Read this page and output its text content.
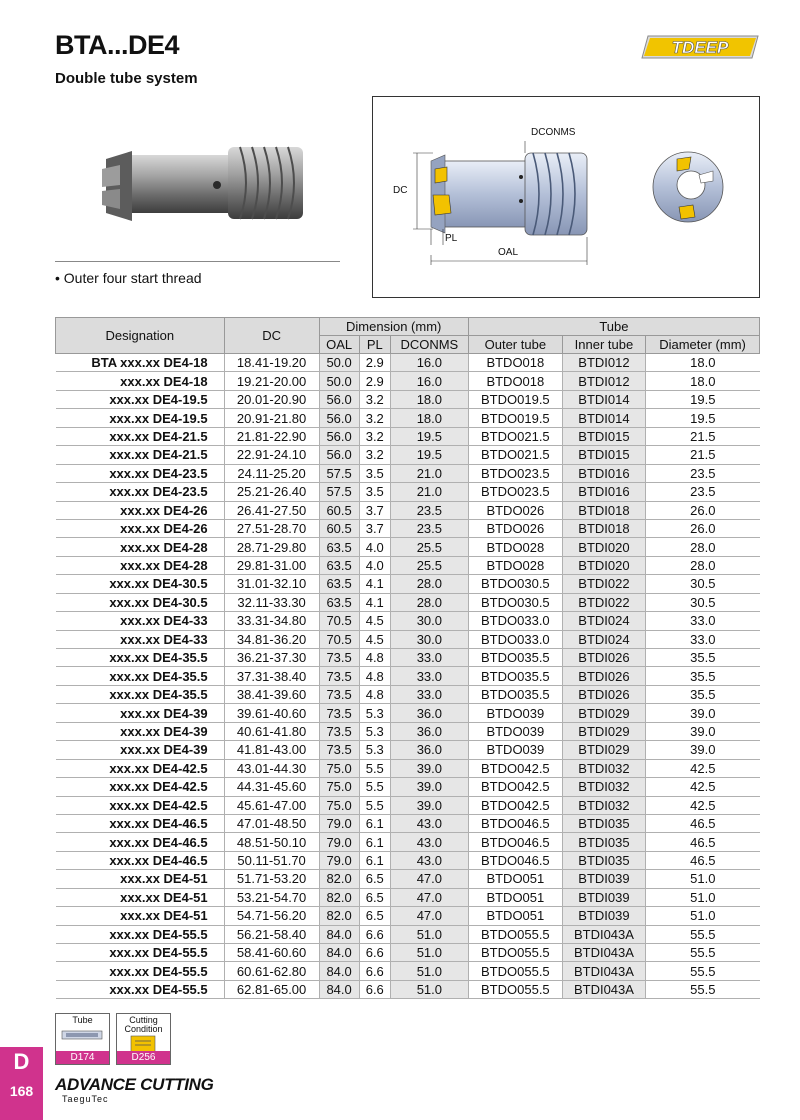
BTA...DE4
Double tube system
TDEEP
• Outer four start thread
DC
DCONMS
PL
OAL
Designation	DC	Dimension (mm)			Tube		
		OAL	PL	DCONMS	Outer tube	Inner tube	Diameter (mm)
BTA xxx.xx DE4-18	18.41-19.20	50.0	2.9	16.0	BTDO018	BTDI012	18.0
xxx.xx DE4-18	19.21-20.00	50.0	2.9	16.0	BTDO018	BTDI012	18.0
xxx.xx DE4-19.5	20.01-20.90	56.0	3.2	18.0	BTDO019.5	BTDI014	19.5
xxx.xx DE4-19.5	20.91-21.80	56.0	3.2	18.0	BTDO019.5	BTDI014	19.5
xxx.xx DE4-21.5	21.81-22.90	56.0	3.2	19.5	BTDO021.5	BTDI015	21.5
xxx.xx DE4-21.5	22.91-24.10	56.0	3.2	19.5	BTDO021.5	BTDI015	21.5
xxx.xx DE4-23.5	24.11-25.20	57.5	3.5	21.0	BTDO023.5	BTDI016	23.5
xxx.xx DE4-23.5	25.21-26.40	57.5	3.5	21.0	BTDO023.5	BTDI016	23.5
xxx.xx DE4-26	26.41-27.50	60.5	3.7	23.5	BTDO026	BTDI018	26.0
xxx.xx DE4-26	27.51-28.70	60.5	3.7	23.5	BTDO026	BTDI018	26.0
xxx.xx DE4-28	28.71-29.80	63.5	4.0	25.5	BTDO028	BTDI020	28.0
xxx.xx DE4-28	29.81-31.00	63.5	4.0	25.5	BTDO028	BTDI020	28.0
xxx.xx DE4-30.5	31.01-32.10	63.5	4.1	28.0	BTDO030.5	BTDI022	30.5
xxx.xx DE4-30.5	32.11-33.30	63.5	4.1	28.0	BTDO030.5	BTDI022	30.5
xxx.xx DE4-33	33.31-34.80	70.5	4.5	30.0	BTDO033.0	BTDI024	33.0
xxx.xx DE4-33	34.81-36.20	70.5	4.5	30.0	BTDO033.0	BTDI024	33.0
xxx.xx DE4-35.5	36.21-37.30	73.5	4.8	33.0	BTDO035.5	BTDI026	35.5
xxx.xx DE4-35.5	37.31-38.40	73.5	4.8	33.0	BTDO035.5	BTDI026	35.5
xxx.xx DE4-35.5	38.41-39.60	73.5	4.8	33.0	BTDO035.5	BTDI026	35.5
xxx.xx DE4-39	39.61-40.60	73.5	5.3	36.0	BTDO039	BTDI029	39.0
xxx.xx DE4-39	40.61-41.80	73.5	5.3	36.0	BTDO039	BTDI029	39.0
xxx.xx DE4-39	41.81-43.00	73.5	5.3	36.0	BTDO039	BTDI029	39.0
xxx.xx DE4-42.5	43.01-44.30	75.0	5.5	39.0	BTDO042.5	BTDI032	42.5
xxx.xx DE4-42.5	44.31-45.60	75.0	5.5	39.0	BTDO042.5	BTDI032	42.5
xxx.xx DE4-42.5	45.61-47.00	75.0	5.5	39.0	BTDO042.5	BTDI032	42.5
xxx.xx DE4-46.5	47.01-48.50	79.0	6.1	43.0	BTDO046.5	BTDI035	46.5
xxx.xx DE4-46.5	48.51-50.10	79.0	6.1	43.0	BTDO046.5	BTDI035	46.5
xxx.xx DE4-46.5	50.11-51.70	79.0	6.1	43.0	BTDO046.5	BTDI035	46.5
xxx.xx DE4-51	51.71-53.20	82.0	6.5	47.0	BTDO051	BTDI039	51.0
xxx.xx DE4-51	53.21-54.70	82.0	6.5	47.0	BTDO051	BTDI039	51.0
xxx.xx DE4-51	54.71-56.20	82.0	6.5	47.0	BTDO051	BTDI039	51.0
xxx.xx DE4-55.5	56.21-58.40	84.0	6.6	51.0	BTDO055.5	BTDI043A	55.5
xxx.xx DE4-55.5	58.41-60.60	84.0	6.6	51.0	BTDO055.5	BTDI043A	55.5
xxx.xx DE4-55.5	60.61-62.80	84.0	6.6	51.0	BTDO055.5	BTDI043A	55.5
xxx.xx DE4-55.5	62.81-65.00	84.0	6.6	51.0	BTDO055.5	BTDI043A	55.5
Tube
D174
Cutting Condition
D256
D
168	ADVANCE CUTTING
TaeguTec
